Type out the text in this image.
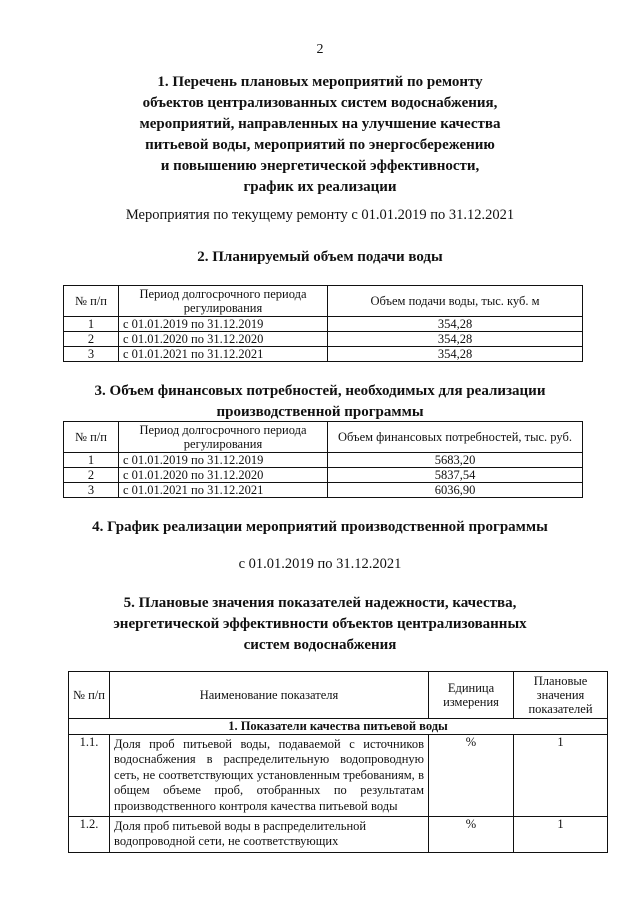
2
1. Перечень плановых мероприятий по ремонту
объектов централизованных систем водоснабжения,
мероприятий, направленных на улучшение качества
питьевой воды, мероприятий по энергосбережению
и повышению энергетической эффективности,
график их реализации
Мероприятия по текущему ремонту с 01.01.2019 по 31.12.2021
2. Планируемый объем подачи воды
№ п/п	Период долгосрочного периода регулирования	Объем подачи воды, тыс. куб. м
1	с 01.01.2019 по 31.12.2019	354,28
2	с 01.01.2020 по 31.12.2020	354,28
3	с 01.01.2021 по 31.12.2021	354,28
3. Объем финансовых потребностей, необходимых для реализации
производственной программы
№ п/п	Период долгосрочного периода регулирования	Объем финансовых потребностей, тыс. руб.
1	с 01.01.2019 по 31.12.2019	5683,20
2	с 01.01.2020 по 31.12.2020	5837,54
3	с 01.01.2021 по 31.12.2021	6036,90
4. График реализации мероприятий производственной программы
с 01.01.2019 по 31.12.2021
5. Плановые значения показателей надежности, качества,
энергетической эффективности объектов централизованных
систем водоснабжения
№ п/п	Наименование показателя	Единица измерения	Плановые значения показателей
1. Показатели качества питьевой воды			
1.1.	Доля проб питьевой воды, подаваемой с источников водоснабжения в распределительную водопроводную сеть, не соответствующих установленным требованиям, в общем объеме проб, отобранных по результатам производственного контроля качества питьевой воды	%	1
1.2.	Доля проб питьевой воды в распределительной водопроводной сети, не соответствующих	%	1
